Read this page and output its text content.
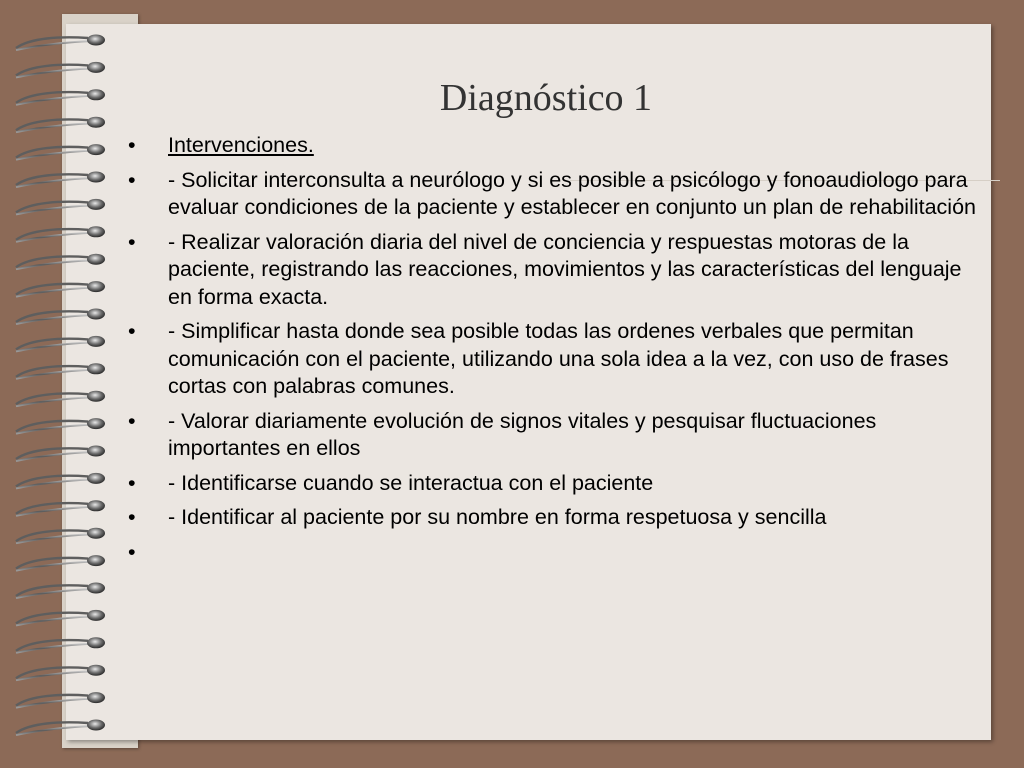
Diagnóstico 1
•	Intervenciones.
•	- Solicitar interconsulta a neurólogo y si es posible a psicólogo y fonoaudiologo para evaluar condiciones de la paciente y establecer en conjunto un plan de rehabilitación
•	- Realizar valoración diaria del nivel de conciencia y respuestas motoras de la paciente, registrando las reacciones, movimientos y las características del lenguaje en forma exacta.
•	- Simplificar hasta donde sea posible todas las ordenes verbales que permitan comunicación con el paciente, utilizando una sola idea a la vez, con uso de frases cortas con palabras comunes.
•	- Valorar diariamente evolución de signos vitales y pesquisar fluctuaciones importantes en ellos
•	- Identificarse cuando se interactua con el paciente
•	- Identificar al paciente por su nombre en forma respetuosa y sencilla
•
